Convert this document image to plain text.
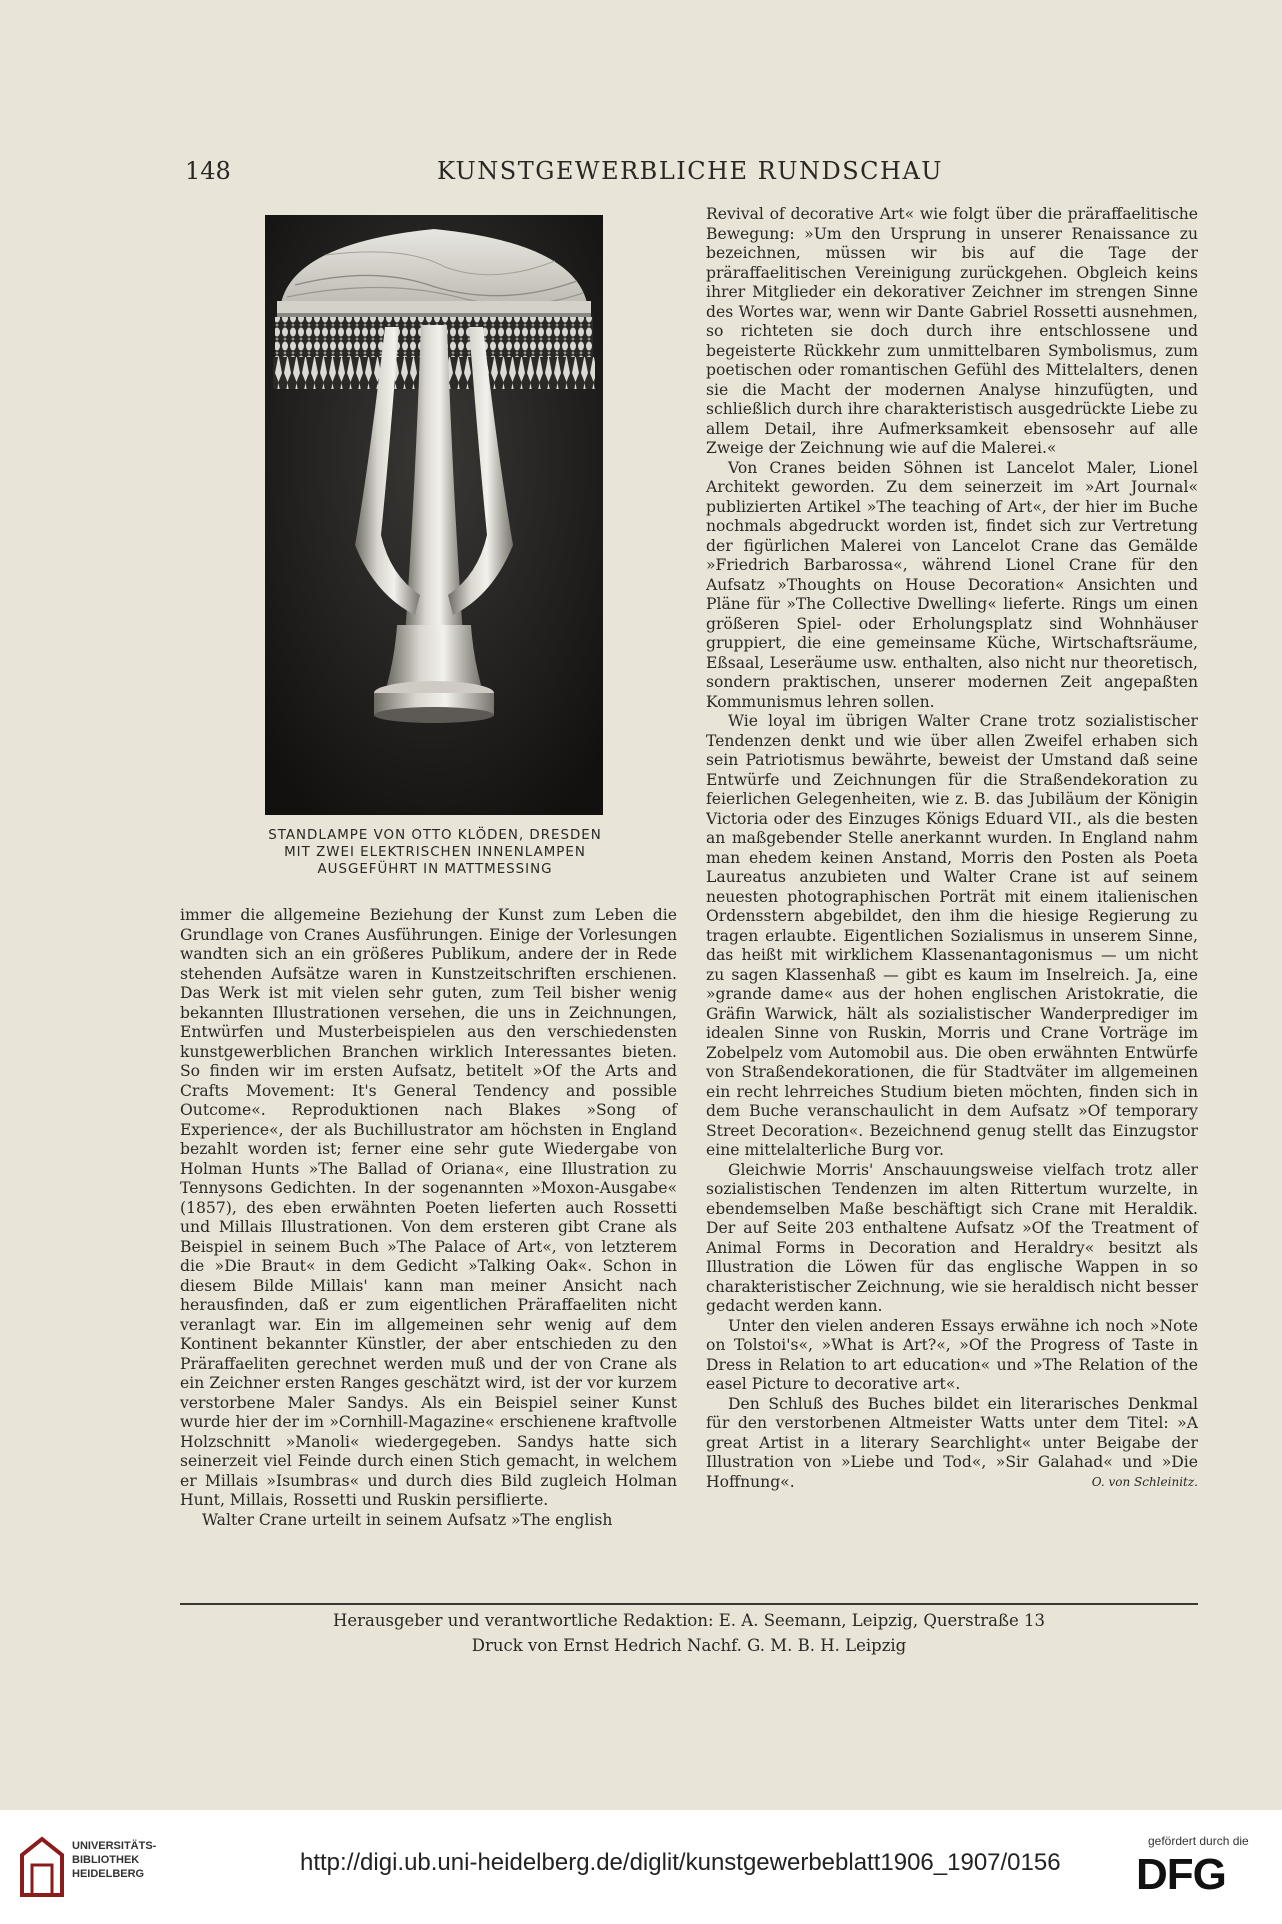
148	KUNSTGEWERBLICHE RUNDSCHAU
STANDLAMPE VON OTTO KLÖDEN, DRESDEN
MIT ZWEI ELEKTRISCHEN INNENLAMPEN
AUSGEFÜHRT IN MATTMESSING

immer die allgemeine Beziehung der Kunst zum Leben die Grundlage von Cranes Ausführungen. Einige der Vorlesungen wandten sich an ein größeres Publikum, andere der in Rede stehenden Aufsätze waren in Kunstzeitschriften erschienen. Das Werk ist mit vielen sehr guten, zum Teil bisher wenig bekannten Illustrationen versehen, die uns in Zeichnungen, Entwürfen und Musterbeispielen aus den verschiedensten kunstgewerblichen Branchen wirklich Interessantes bieten. So finden wir im ersten Aufsatz, betitelt »Of the Arts and Crafts Movement: It's General Tendency and possible Outcome«. Reproduktionen nach Blakes »Song of Experience«, der als Buchillustrator am höchsten in England bezahlt worden ist; ferner eine sehr gute Wiedergabe von Holman Hunts »The Ballad of Oriana«, eine Illustration zu Tennysons Gedichten. In der sogenannten »Moxon-Ausgabe« (1857), des eben erwähnten Poeten lieferten auch Rossetti und Millais Illustrationen. Von dem ersteren gibt Crane als Beispiel in seinem Buch »The Palace of Art«, von letzterem die »Die Braut« in dem Gedicht »Talking Oak«. Schon in diesem Bilde Millais' kann man meiner Ansicht nach herausfinden, daß er zum eigentlichen Präraffaeliten nicht veranlagt war. Ein im allgemeinen sehr wenig auf dem Kontinent bekannter Künstler, der aber entschieden zu den Präraffaeliten gerechnet werden muß und der von Crane als ein Zeichner ersten Ranges geschätzt wird, ist der vor kurzem verstorbene Maler Sandys. Als ein Beispiel seiner Kunst wurde hier der im »Cornhill-Magazine« erschienene kraftvolle Holzschnitt »Manoli« wiedergegeben. Sandys hatte sich seinerzeit viel Feinde durch einen Stich gemacht, in welchem er Millais »Isumbras« und durch dies Bild zugleich Holman Hunt, Millais, Rossetti und Ruskin persiflierte.

Walter Crane urteilt in seinem Aufsatz »The english

Revival of decorative Art« wie folgt über die präraffaelitische Bewegung: »Um den Ursprung in unserer Renaissance zu bezeichnen, müssen wir bis auf die Tage der präraffaelitischen Vereinigung zurückgehen. Obgleich keins ihrer Mitglieder ein dekorativer Zeichner im strengen Sinne des Wortes war, wenn wir Dante Gabriel Rossetti ausnehmen, so richteten sie doch durch ihre entschlossene und begeisterte Rückkehr zum unmittelbaren Symbolismus, zum poetischen oder romantischen Gefühl des Mittelalters, denen sie die Macht der modernen Analyse hinzufügten, und schließlich durch ihre charakteristisch ausgedrückte Liebe zu allem Detail, ihre Aufmerksamkeit ebensosehr auf alle Zweige der Zeichnung wie auf die Malerei.«

Von Cranes beiden Söhnen ist Lancelot Maler, Lionel Architekt geworden. Zu dem seinerzeit im »Art Journal« publizierten Artikel »The teaching of Art«, der hier im Buche nochmals abgedruckt worden ist, findet sich zur Vertretung der figürlichen Malerei von Lancelot Crane das Gemälde »Friedrich Barbarossa«, während Lionel Crane für den Aufsatz »Thoughts on House Decoration« Ansichten und Pläne für »The Collective Dwelling« lieferte. Rings um einen größeren Spiel- oder Erholungsplatz sind Wohnhäuser gruppiert, die eine gemeinsame Küche, Wirtschaftsräume, Eßsaal, Leseräume usw. enthalten, also nicht nur theoretisch, sondern praktischen, unserer modernen Zeit angepaßten Kommunismus lehren sollen.

Wie loyal im übrigen Walter Crane trotz sozialistischer Tendenzen denkt und wie über allen Zweifel erhaben sich sein Patriotismus bewährte, beweist der Umstand daß seine Entwürfe und Zeichnungen für die Straßendekoration zu feierlichen Gelegenheiten, wie z. B. das Jubiläum der Königin Victoria oder des Einzuges Königs Eduard VII., als die besten an maßgebender Stelle anerkannt wurden. In England nahm man ehedem keinen Anstand, Morris den Posten als Poeta Laureatus anzubieten und Walter Crane ist auf seinem neuesten photographischen Porträt mit einem italienischen Ordensstern abgebildet, den ihm die hiesige Regierung zu tragen erlaubte. Eigentlichen Sozialismus in unserem Sinne, das heißt mit wirklichem Klassenantagonismus — um nicht zu sagen Klassenhaß — gibt es kaum im Inselreich. Ja, eine »grande dame« aus der hohen englischen Aristokratie, die Gräfin Warwick, hält als sozialistischer Wanderprediger im idealen Sinne von Ruskin, Morris und Crane Vorträge im Zobelpelz vom Automobil aus. Die oben erwähnten Entwürfe von Straßendekorationen, die für Stadtväter im allgemeinen ein recht lehrreiches Studium bieten möchten, finden sich in dem Buche veranschaulicht in dem Aufsatz »Of temporary Street Decoration«. Bezeichnend genug stellt das Einzugstor eine mittelalterliche Burg vor.

Gleichwie Morris' Anschauungsweise vielfach trotz aller sozialistischen Tendenzen im alten Rittertum wurzelte, in ebendemselben Maße beschäftigt sich Crane mit Heraldik. Der auf Seite 203 enthaltene Aufsatz »Of the Treatment of Animal Forms in Decoration and Heraldry« besitzt als Illustration die Löwen für das englische Wappen in so charakteristischer Zeichnung, wie sie heraldisch nicht besser gedacht werden kann.

Unter den vielen anderen Essays erwähne ich noch »Note on Tolstoi's«, »What is Art?«, »Of the Progress of Taste in Dress in Relation to art education« und »The Relation of the easel Picture to decorative art«.

Den Schluß des Buches bildet ein literarisches Denkmal für den verstorbenen Altmeister Watts unter dem Titel: »A great Artist in a literary Searchlight« unter Beigabe der Illustration von »Liebe und Tod«, »Sir Galahad« und »Die Hoffnung«.	O. von Schleinitz.
Herausgeber und verantwortliche Redaktion: E. A. Seemann, Leipzig, Querstraße 13
Druck von Ernst Hedrich Nachf. G. M. B. H. Leipzig
UNIVERSITÄTS-
BIBLIOTHEK
HEIDELBERG	http://digi.ub.uni-heidelberg.de/diglit/kunstgewerbeblatt1906_1907/0156
gefördert durch die
DFG
